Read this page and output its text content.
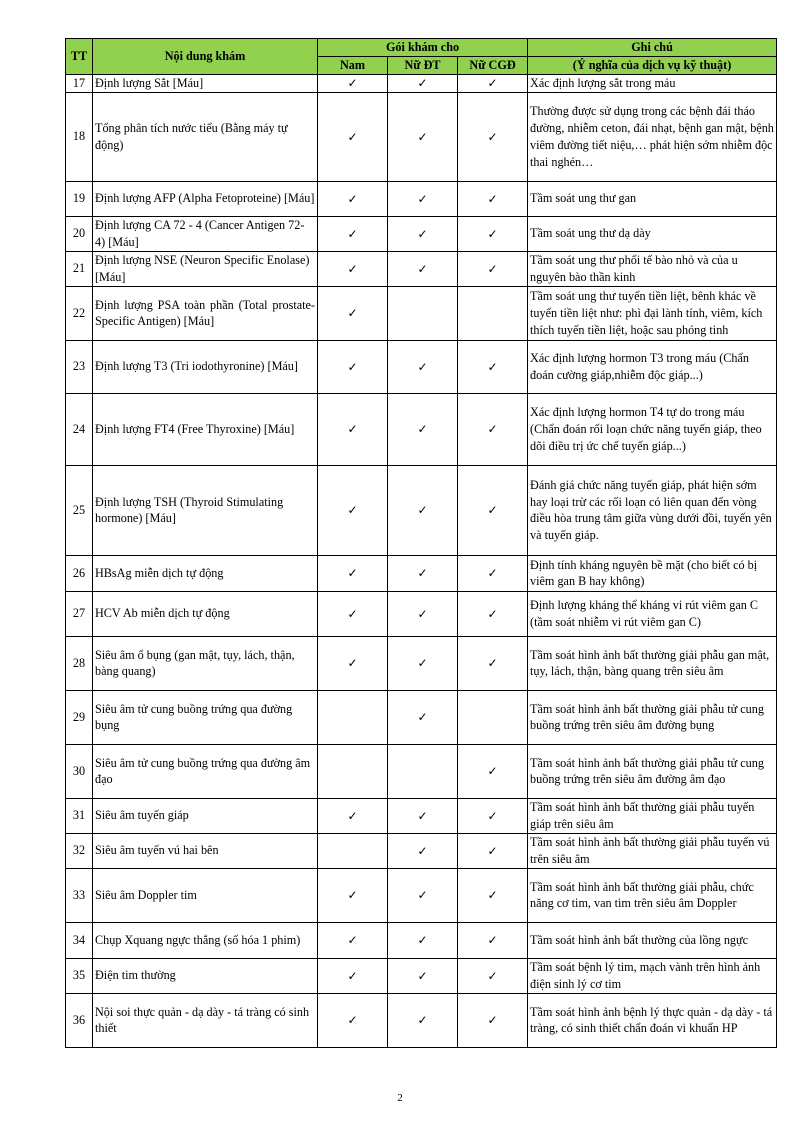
TT	Nội dung khám	Gói khám cho			Ghi chú
		Nam	Nữ ĐT	Nữ CGĐ	(Ý nghĩa của dịch vụ kỹ thuật)
17	Định lượng Sắt [Máu]	✓	✓	✓	Xác định lượng sắt trong máu
18	Tổng phân tích nước tiểu (Bằng máy tự động)	✓	✓	✓	Thường được sử dụng trong các bệnh đái tháo đường, nhiễm ceton, đái nhạt, bệnh gan mật, bệnh viêm đường tiết niệu,… phát hiện sớm nhiễm độc thai nghén…
19	Định lượng AFP (Alpha Fetoproteine) [Máu]	✓	✓	✓	Tầm soát ung thư gan
20	Định lượng CA 72 - 4 (Cancer Antigen 72- 4) [Máu]	✓	✓	✓	Tầm soát ung thư dạ dày
21	Định lượng NSE (Neuron Specific Enolase) [Máu]	✓	✓	✓	Tầm soát ung thư phổi tế bào nhỏ và của u nguyên bào thần kinh
22	Định lượng PSA toàn phần (Total prostate-Specific Antigen) [Máu]	✓			Tầm soát ung thư tuyến tiền liệt, bênh khác về tuyến tiền liệt như: phì đại lành tính, viêm, kích thích tuyến tiền liệt, hoặc sau phóng tinh
23	Định lượng T3 (Tri iodothyronine) [Máu]	✓	✓	✓	Xác định lượng hormon T3 trong máu (Chẩn đoán cường giáp,nhiễm độc giáp...)
24	Định lượng FT4 (Free Thyroxine) [Máu]	✓	✓	✓	Xác định lượng hormon T4 tự do trong máu (Chẩn đoán rối loạn chức năng tuyến giáp, theo dõi điều trị ức chế tuyến giáp...)
25	Định lượng TSH (Thyroid Stimulating hormone) [Máu]	✓	✓	✓	Đánh giá chức năng tuyến giáp, phát hiện sớm hay loại trừ các rối loạn có liên quan đến vòng điều hòa trung tâm giữa vùng dưới đồi, tuyến yên và tuyến giáp.
26	HBsAg miễn dịch tự động	✓	✓	✓	Định tính kháng nguyên bề mặt (cho biết có bị viêm gan B hay không)
27	HCV Ab miễn dịch tự động	✓	✓	✓	Định lượng kháng thể kháng vi rút viêm gan C (tầm soát nhiễm vi rút viêm gan C)
28	Siêu âm ổ bụng (gan mật, tụy, lách, thận, bàng quang)	✓	✓	✓	Tầm soát hình ảnh bất thường giải phẫu gan mật, tụy, lách, thận, bàng quang trên siêu âm
29	Siêu âm tử cung buồng trứng qua đường bụng		✓		Tầm soát hình ảnh bất thường giải phẫu tử cung buồng trứng trên siêu âm đường bụng
30	Siêu âm tử cung buồng trứng qua đường âm đạo			✓	Tầm soát hình ảnh bất thường giải phẫu tử cung buồng trứng trên siêu âm đường âm đạo
31	Siêu âm tuyến giáp	✓	✓	✓	Tầm soát hình ảnh bất thường giải phẫu tuyến giáp trên siêu âm
32	Siêu âm tuyến vú hai bên		✓	✓	Tầm soát hình ảnh bất thường giải phẫu tuyến vú trên siêu âm
33	Siêu âm Doppler tim	✓	✓	✓	Tầm soát hình ảnh bất thường giải phẫu, chức năng cơ tim, van tim trên siêu âm Doppler
34	Chụp Xquang ngực thẳng (số hóa 1 phim)	✓	✓	✓	Tầm soát hình ảnh bất thường của lồng ngực
35	Điện tim thường	✓	✓	✓	Tầm soát bệnh lý tim, mạch vành trên hình ảnh điện sinh lý cơ tim
36	Nội soi thực quản - dạ dày - tá tràng có sinh thiết	✓	✓	✓	Tầm soát hình ảnh bệnh lý thực quản - dạ dày - tá tràng, có sinh thiết chẩn đoán vi khuẩn HP
2
